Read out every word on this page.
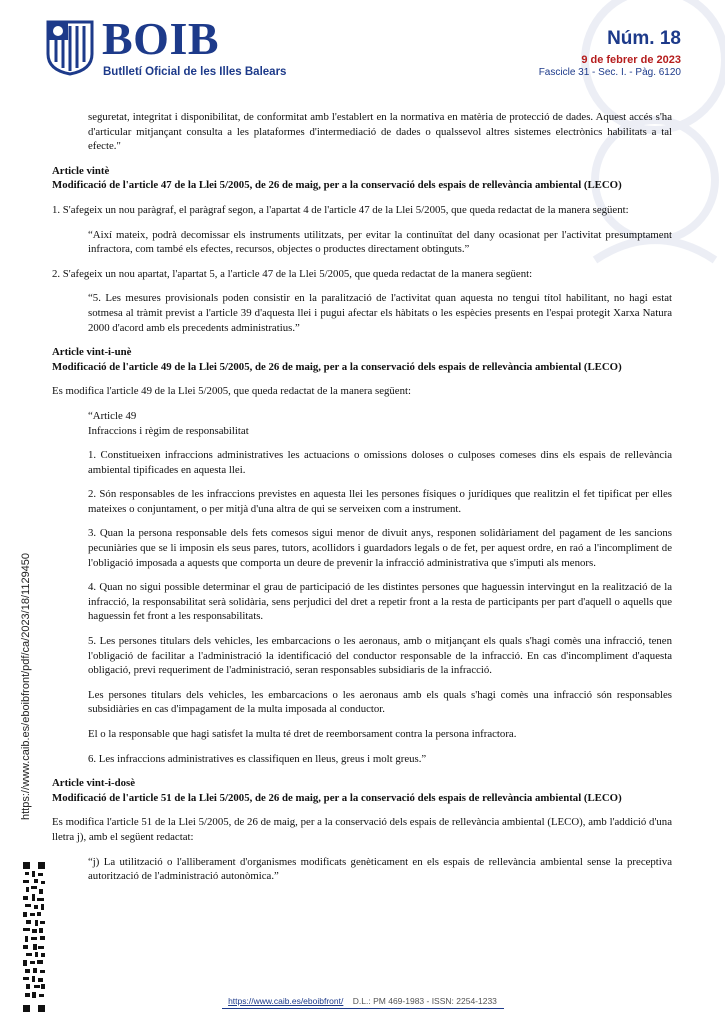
BOIB
Butlletí Oficial de les Illes Balears
Núm. 18
9 de febrer de 2023
Fascicle 31 - Sec. I. - Pàg. 6120

seguretat, integritat i disponibilitat, de conformitat amb l'establert en la normativa en matèria de protecció de dades. Aquest accés s'ha d'articular mitjançant consulta a les plataformes d'intermediació de dades o qualssevol altres sistemes electrònics habilitats a tal efecte."

Article vintè

Modificació de l'article 47 de la Llei 5/2005, de 26 de maig, per a la conservació dels espais de rellevància ambiental (LECO)

1. S'afegeix un nou paràgraf, el paràgraf segon, a l'apartat 4 de l'article 47 de la Llei 5/2005, que queda redactat de la manera següent:

“Així mateix, podrà decomissar els instruments utilitzats, per evitar la continuïtat del dany ocasionat per l'activitat presumptament infractora, com també els efectes, recursos, objectes o productes directament obtinguts.”

2. S'afegeix un nou apartat, l'apartat 5, a l'article 47 de la Llei 5/2005, que queda redactat de la manera següent:

“5. Les mesures provisionals poden consistir en la paralització de l'activitat quan aquesta no tengui títol habilitant, no hagi estat sotmesa al tràmit previst a l'article 39 d'aquesta llei i pugui afectar els hàbitats o les espècies presents en l'espai protegit Xarxa Natura 2000 d'acord amb els precedents administratius.”

Article vint-i-unè

Modificació de l'article 49 de la Llei 5/2005, de 26 de maig, per a la conservació dels espais de rellevància ambiental (LECO)

Es modifica l'article 49 de la Llei 5/2005, que queda redactat de la manera següent:

“Article 49

Infraccions i règim de responsabilitat

1. Constitueixen infraccions administratives les actuacions o omissions doloses o culposes comeses dins els espais de rellevància ambiental tipificades en aquesta llei.

2. Són responsables de les infraccions previstes en aquesta llei les persones físiques o jurídiques que realitzin el fet tipificat per elles mateixes o conjuntament, o per mitjà d'una altra de qui se serveixen com a instrument.

3. Quan la persona responsable dels fets comesos sigui menor de divuit anys, responen solidàriament del pagament de les sancions pecuniàries que se li imposin els seus pares, tutors, acollidors i guardadors legals o de fet, per aquest ordre, en raó a l'incompliment de l'obligació imposada a aquests que comporta un deure de prevenir la infracció administrativa que s'imputi als menors.

4. Quan no sigui possible determinar el grau de participació de les distintes persones que haguessin intervingut en la realització de la infracció, la responsabilitat serà solidària, sens perjudici del dret a repetir front a la resta de participants per part d'aquell o aquells que haguessin fet front a les responsabilitats.

5. Les persones titulars dels vehicles, les embarcacions o les aeronaus, amb o mitjançant els quals s'hagi comès una infracció, tenen l'obligació de facilitar a l'administració la identificació del conductor responsable de la infracció. En cas d'incompliment d'aquesta obligació, previ requeriment de l'administració, seran responsables subsidiaris de la infracció.

Les persones titulars dels vehicles, les embarcacions o les aeronaus amb els quals s'hagi comès una infracció són responsables subsidiàries en cas d'impagament de la multa imposada al conductor.

El o la responsable que hagi satisfet la multa té dret de reemborsament contra la persona infractora.

6. Les infraccions administratives es classifiquen en lleus, greus i molt greus.”

Article vint-i-dosè

Modificació de l'article 51 de la Llei 5/2005, de 26 de maig, per a la conservació dels espais de rellevància ambiental (LECO)

Es modifica l'article 51 de la Llei 5/2005, de 26 de maig, per a la conservació dels espais de rellevància ambiental (LECO), amb l'addició d'una lletra j), amb el següent redactat:

“j) La utilització o l'alliberament d'organismes modificats genèticament en els espais de rellevància ambiental sense la preceptiva autorització de l'administració autonòmica.”

https://www.caib.es/eboibfront/pdf/ca/2023/18/1129450
https://www.caib.es/eboibfront/ D.L.: PM 469-1983 - ISSN: 2254-1233
